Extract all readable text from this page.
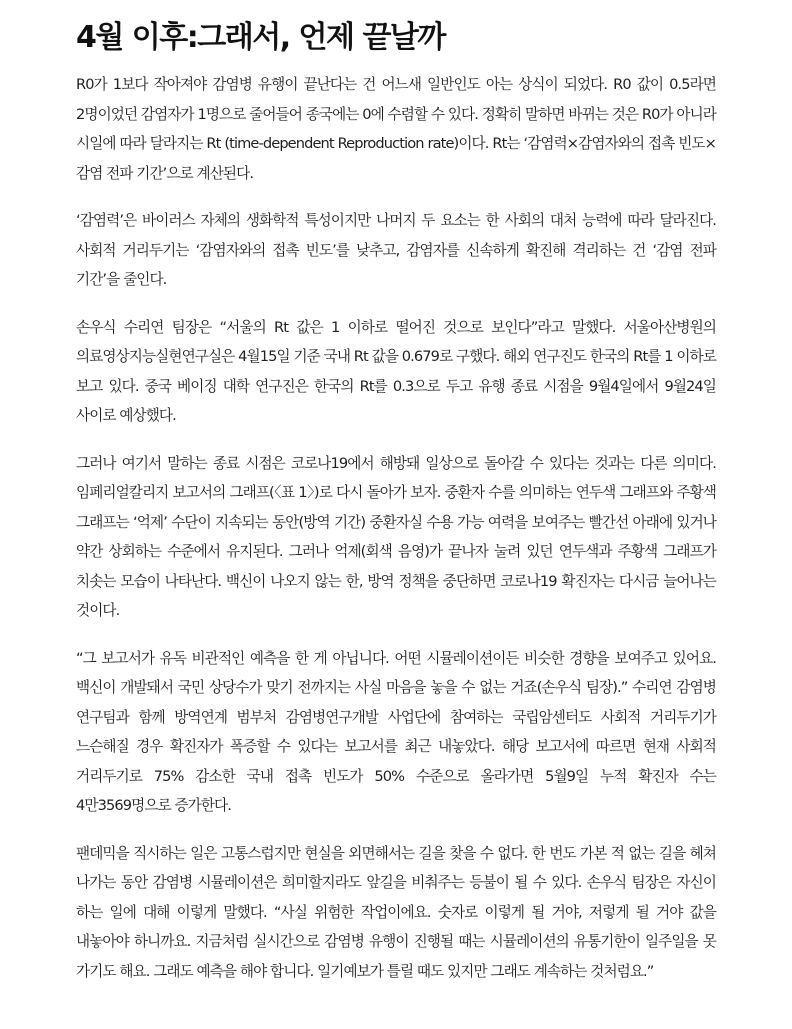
4월 이후:그래서, 언제 끝날까

R0가 1보다 작아져야 감염병 유행이 끝난다는 건 어느새 일반인도 아는 상식이 되었다. R0 값이 0.5라면 2명이었던 감염자가 1명으로 줄어들어 종국에는 0에 수렴할 수 있다. 정확히 말하면 바뀌는 것은 R0가 아니라 시일에 따라 달라지는 Rt (time-dependent Reproduction rate)이다. Rt는 ‘감염력×감염자와의 접촉 빈도×감염 전파 기간’으로 계산된다.

‘감염력’은 바이러스 자체의 생화학적 특성이지만 나머지 두 요소는 한 사회의 대처 능력에 따라 달라진다. 사회적 거리두기는 ‘감염자와의 접촉 빈도’를 낮추고, 감염자를 신속하게 확진해 격리하는 건 ‘감염 전파 기간’을 줄인다.

손우식 수리연 팀장은 “서울의 Rt 값은 1 이하로 떨어진 것으로 보인다”라고 말했다. 서울아산병원의 의료영상지능실현연구실은 4월15일 기준 국내 Rt 값을 0.679로 구했다. 해외 연구진도 한국의 Rt를 1 이하로 보고 있다. 중국 베이징 대학 연구진은 한국의 Rt를 0.3으로 두고 유행 종료 시점을 9월4일에서 9월24일 사이로 예상했다.

그러나 여기서 말하는 종료 시점은 코로나19에서 해방돼 일상으로 돌아갈 수 있다는 것과는 다른 의미다. 임페리얼칼리지 보고서의 그래프(〈표 1〉)로 다시 돌아가 보자. 중환자 수를 의미하는 연두색 그래프와 주황색 그래프는 ‘억제’ 수단이 지속되는 동안(방역 기간) 중환자실 수용 가능 여력을 보여주는 빨간선 아래에 있거나 약간 상회하는 수준에서 유지된다. 그러나 억제(회색 음영)가 끝나자 눌려 있던 연두색과 주황색 그래프가 치솟는 모습이 나타난다. 백신이 나오지 않는 한, 방역 정책을 중단하면 코로나19 확진자는 다시금 늘어나는 것이다.

“그 보고서가 유독 비관적인 예측을 한 게 아닙니다. 어떤 시뮬레이션이든 비슷한 경향을 보여주고 있어요. 백신이 개발돼서 국민 상당수가 맞기 전까지는 사실 마음을 놓을 수 없는 거죠(손우식 팀장).” 수리연 감염병 연구팀과 함께 방역연계 범부처 감염병연구개발 사업단에 참여하는 국립암센터도 사회적 거리두기가 느슨해질 경우 확진자가 폭증할 수 있다는 보고서를 최근 내놓았다. 해당 보고서에 따르면 현재 사회적 거리두기로 75% 감소한 국내 접촉 빈도가 50% 수준으로 올라가면 5월9일 누적 확진자 수는 4만3569명으로 증가한다.

팬데믹을 직시하는 일은 고통스럽지만 현실을 외면해서는 길을 찾을 수 없다. 한 번도 가본 적 없는 길을 헤쳐 나가는 동안 감염병 시뮬레이션은 희미할지라도 앞길을 비춰주는 등불이 될 수 있다. 손우식 팀장은 자신이 하는 일에 대해 이렇게 말했다. “사실 위험한 작업이에요. 숫자로 이렇게 될 거야, 저렇게 될 거야 값을 내놓아야 하니까요. 지금처럼 실시간으로 감염병 유행이 진행될 때는 시뮬레이션의 유통기한이 일주일을 못 가기도 해요. 그래도 예측을 해야 합니다. 일기예보가 틀릴 때도 있지만 그래도 계속하는 것처럼요.”
